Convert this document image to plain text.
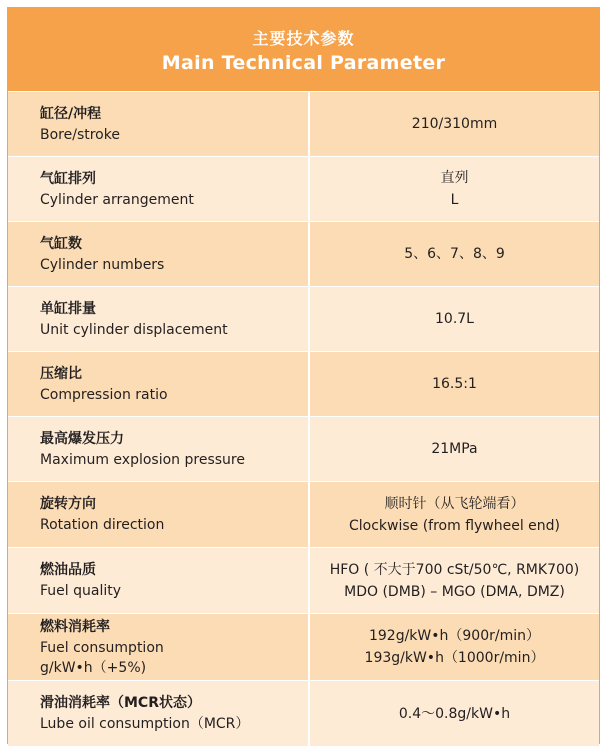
主要技术参数
Main Technical Parameter
缸径/冲程
Bore/stroke
210/310mm
气缸排列
Cylinder arrangement
直列
L
气缸数
Cylinder numbers
5、6、7、8、9
单缸排量
Unit cylinder displacement
10.7L
压缩比
Compression ratio
16.5:1
最高爆发压力
Maximum explosion pressure
21MPa
旋转方向
Rotation direction
顺时针（从飞轮端看）
Clockwise (from flywheel end)
燃油品质
Fuel quality
HFO ( 不大于700 cSt/50℃, RMK700)
MDO (DMB) – MGO (DMA, DMZ)
燃料消耗率
Fuel consumption
g/kW•h（+5%)
192g/kW•h（900r/min）
193g/kW•h（1000r/min）
滑油消耗率（MCR状态）
Lube oil consumption（MCR）
0.4～0.8g/kW•h
